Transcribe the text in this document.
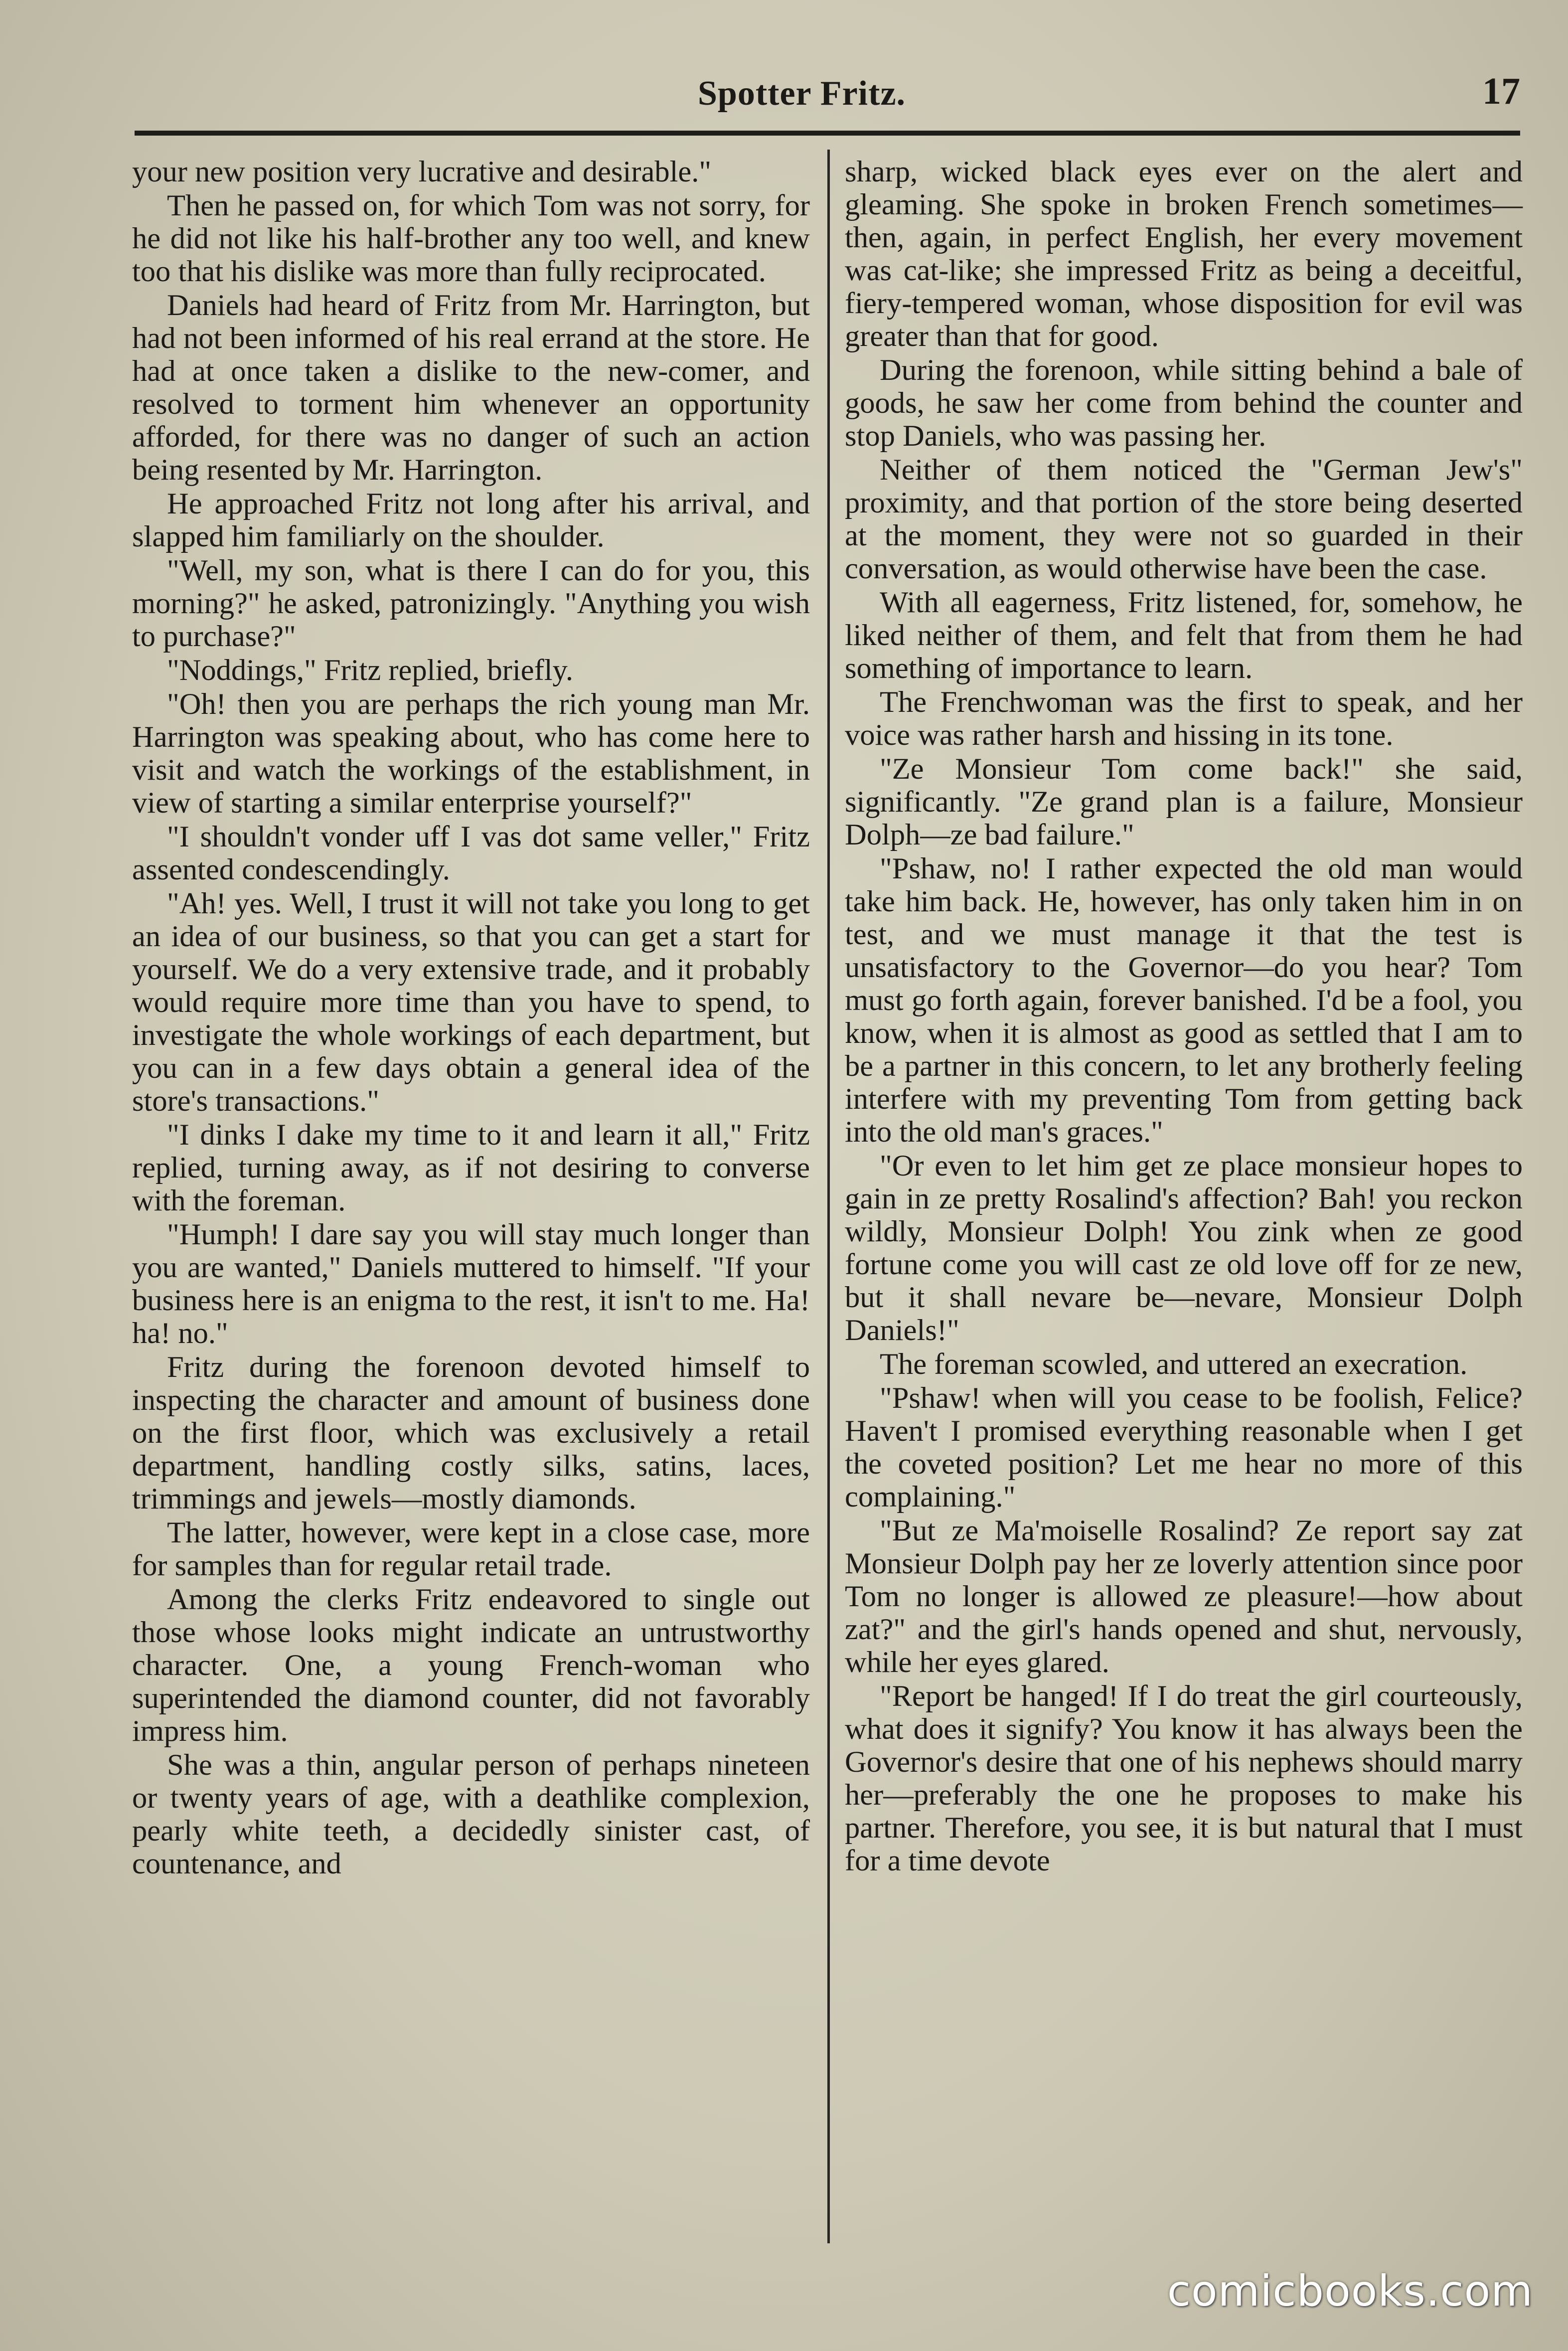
Spotter Fritz.	17

your new position very lucrative and desirable."

Then he passed on, for which Tom was not sorry, for he did not like his half-brother any too well, and knew too that his dislike was more than fully reciprocated.

Daniels had heard of Fritz from Mr. Harrington, but had not been informed of his real errand at the store. He had at once taken a dislike to the new-comer, and resolved to torment him whenever an opportunity afforded, for there was no danger of such an action being resented by Mr. Harrington.

He approached Fritz not long after his arrival, and slapped him familiarly on the shoulder.

"Well, my son, what is there I can do for you, this morning?" he asked, patronizingly. "Anything you wish to purchase?"

"Noddings," Fritz replied, briefly.

"Oh! then you are perhaps the rich young man Mr. Harrington was speaking about, who has come here to visit and watch the workings of the establishment, in view of starting a similar enterprise yourself?"

"I shouldn't vonder uff I vas dot same veller," Fritz assented condescendingly.

"Ah! yes. Well, I trust it will not take you long to get an idea of our business, so that you can get a start for yourself. We do a very extensive trade, and it probably would require more time than you have to spend, to investigate the whole workings of each department, but you can in a few days obtain a general idea of the store's transactions."

"I dinks I dake my time to it and learn it all," Fritz replied, turning away, as if not desiring to converse with the foreman.

"Humph! I dare say you will stay much longer than you are wanted," Daniels muttered to himself. "If your business here is an enigma to the rest, it isn't to me. Ha! ha! no."

Fritz during the forenoon devoted himself to inspecting the character and amount of business done on the first floor, which was exclusively a retail department, handling costly silks, satins, laces, trimmings and jewels—mostly diamonds.

The latter, however, were kept in a close case, more for samples than for regular retail trade.

Among the clerks Fritz endeavored to single out those whose looks might indicate an untrustworthy character. One, a young French-woman who superintended the diamond counter, did not favorably impress him.

She was a thin, angular person of perhaps nineteen or twenty years of age, with a deathlike complexion, pearly white teeth, a decidedly sinister cast, of countenance, and

sharp, wicked black eyes ever on the alert and gleaming. She spoke in broken French sometimes—then, again, in perfect English, her every movement was cat-like; she impressed Fritz as being a deceitful, fiery-tempered woman, whose disposition for evil was greater than that for good.

During the forenoon, while sitting behind a bale of goods, he saw her come from behind the counter and stop Daniels, who was passing her.

Neither of them noticed the "German Jew's" proximity, and that portion of the store being deserted at the moment, they were not so guarded in their conversation, as would otherwise have been the case.

With all eagerness, Fritz listened, for, somehow, he liked neither of them, and felt that from them he had something of importance to learn.

The Frenchwoman was the first to speak, and her voice was rather harsh and hissing in its tone.

"Ze Monsieur Tom come back!" she said, significantly. "Ze grand plan is a failure, Monsieur Dolph—ze bad failure."

"Pshaw, no! I rather expected the old man would take him back. He, however, has only taken him in on test, and we must manage it that the test is unsatisfactory to the Governor—do you hear? Tom must go forth again, forever banished. I'd be a fool, you know, when it is almost as good as settled that I am to be a partner in this concern, to let any brotherly feeling interfere with my preventing Tom from getting back into the old man's graces."

"Or even to let him get ze place monsieur hopes to gain in ze pretty Rosalind's affection? Bah! you reckon wildly, Monsieur Dolph! You zink when ze good fortune come you will cast ze old love off for ze new, but it shall nevare be—nevare, Monsieur Dolph Daniels!"

The foreman scowled, and uttered an execration.

"Pshaw! when will you cease to be foolish, Felice? Haven't I promised everything reasonable when I get the coveted position? Let me hear no more of this complaining."

"But ze Ma'moiselle Rosalind? Ze report say zat Monsieur Dolph pay her ze loverly attention since poor Tom no longer is allowed ze pleasure!—how about zat?" and the girl's hands opened and shut, nervously, while her eyes glared.

"Report be hanged! If I do treat the girl courteously, what does it signify? You know it has always been the Governor's desire that one of his nephews should marry her—preferably the one he proposes to make his partner. Therefore, you see, it is but natural that I must for a time devote

comicbooks.com
